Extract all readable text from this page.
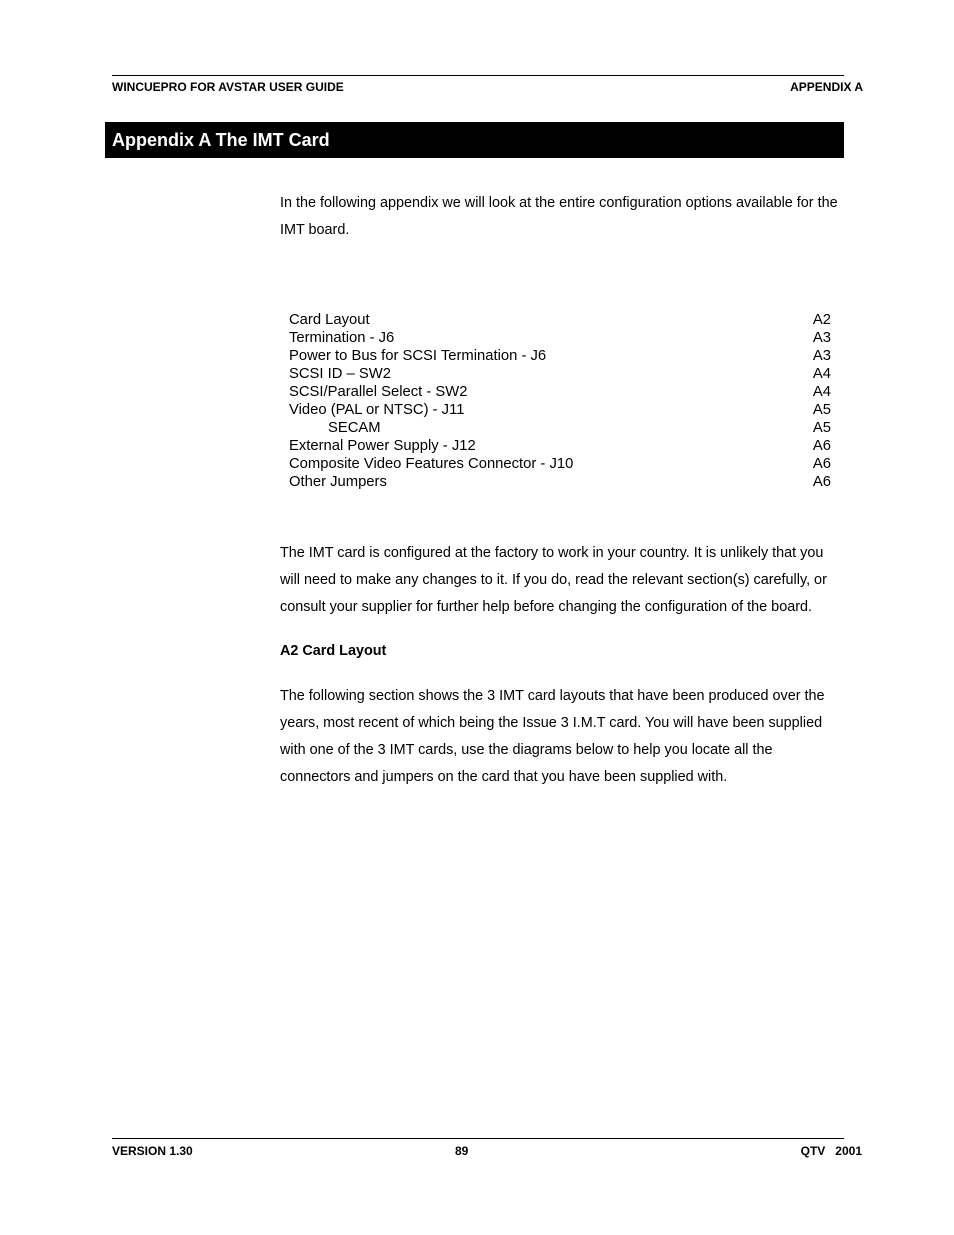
WINCUEPRO FOR AVSTAR USER GUIDE	APPENDIX A
Appendix A The IMT Card

In the following appendix we will look at the entire configuration options available for the IMT board.

Card Layout	A2
Termination - J6	A3
Power to Bus for SCSI Termination - J6	A3
SCSI ID – SW2	A4
SCSI/Parallel Select - SW2	A4
Video (PAL or NTSC) - J11	A5
SECAM	A5
External Power Supply - J12	A6
Composite Video Features Connector - J10	A6
Other Jumpers	A6

The IMT card is configured at the factory to work in your country. It is unlikely that you will need to make any changes to it. If you do, read the relevant section(s) carefully, or consult your supplier for further help before changing the configuration of the board.

A2 Card Layout

The following section shows the 3 IMT card layouts that have been produced over the years, most recent of which being the Issue 3 I.M.T card. You will have been supplied with one of the 3 IMT cards, use the diagrams below to help you locate all the connectors and jumpers on the card that you have been supplied with.

VERSION 1.30	89	QTV   2001
